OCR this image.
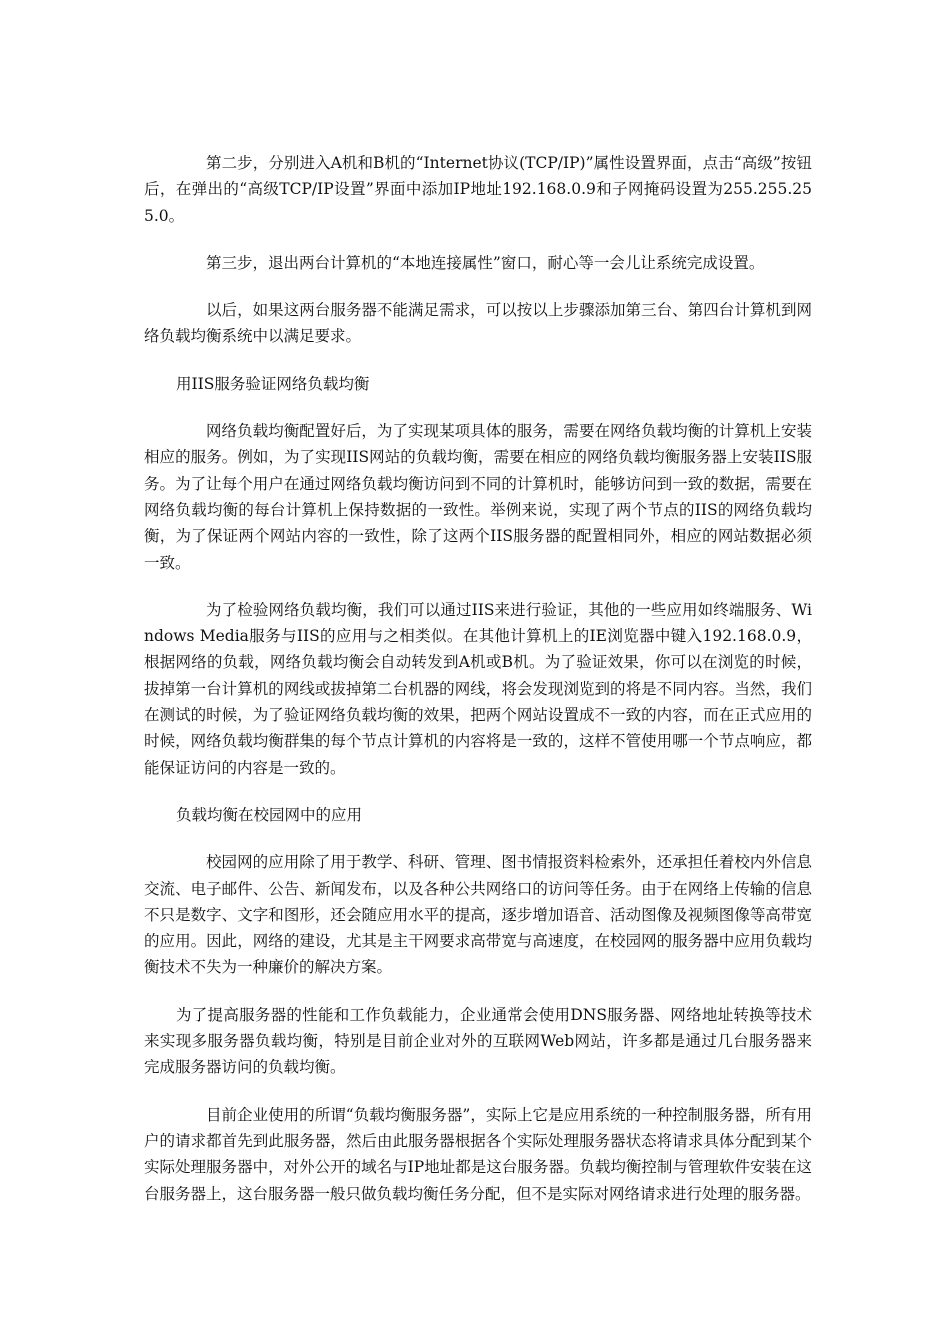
第二步，分别进入A机和B机的“Internet协议(TCP/IP)”属性设置界面，点击“高级”按钮后，在弹出的“高级TCP/IP设置”界面中添加IP地址192.168.0.9和子网掩码设置为255.255.255.0。

第三步，退出两台计算机的“本地连接属性”窗口，耐心等一会儿让系统完成设置。

以后，如果这两台服务器不能满足需求，可以按以上步骤添加第三台、第四台计算机到网络负载均衡系统中以满足要求。

用IIS服务验证网络负载均衡

网络负载均衡配置好后，为了实现某项具体的服务，需要在网络负载均衡的计算机上安装相应的服务。例如，为了实现IIS网站的负载均衡，需要在相应的网络负载均衡服务器上安装IIS服务。为了让每个用户在通过网络负载均衡访问到不同的计算机时，能够访问到一致的数据，需要在网络负载均衡的每台计算机上保持数据的一致性。举例来说，实现了两个节点的IIS的网络负载均衡，为了保证两个网站内容的一致性，除了这两个IIS服务器的配置相同外，相应的网站数据必须一致。

为了检验网络负载均衡，我们可以通过IIS来进行验证，其他的一些应用如终端服务、Windows Media服务与IIS的应用与之相类似。在其他计算机上的IE浏览器中键入192.168.0.9，根据网络的负载，网络负载均衡会自动转发到A机或B机。为了验证效果，你可以在浏览的时候，拔掉第一台计算机的网线或拔掉第二台机器的网线，将会发现浏览到的将是不同内容。当然，我们在测试的时候，为了验证网络负载均衡的效果，把两个网站设置成不一致的内容，而在正式应用的时候，网络负载均衡群集的每个节点计算机的内容将是一致的，这样不管使用哪一个节点响应，都能保证访问的内容是一致的。

负载均衡在校园网中的应用

校园网的应用除了用于教学、科研、管理、图书情报资料检索外，还承担任着校内外信息交流、电子邮件、公告、新闻发布，以及各种公共网络口的访问等任务。由于在网络上传输的信息不只是数字、文字和图形，还会随应用水平的提高，逐步增加语音、活动图像及视频图像等高带宽的应用。因此，网络的建设，尤其是主干网要求高带宽与高速度，在校园网的服务器中应用负载均衡技术不失为一种廉价的解决方案。

为了提高服务器的性能和工作负载能力，企业通常会使用DNS服务器、网络地址转换等技术来实现多服务器负载均衡，特别是目前企业对外的互联网Web网站，许多都是通过几台服务器来完成服务器访问的负载均衡。

目前企业使用的所谓“负载均衡服务器”，实际上它是应用系统的一种控制服务器，所有用户的请求都首先到此服务器，然后由此服务器根据各个实际处理服务器状态将请求具体分配到某个实际处理服务器中，对外公开的域名与IP地址都是这台服务器。负载均衡控制与管理软件安装在这台服务器上，这台服务器一般只做负载均衡任务分配，但不是实际对网络请求进行处理的服务器。
